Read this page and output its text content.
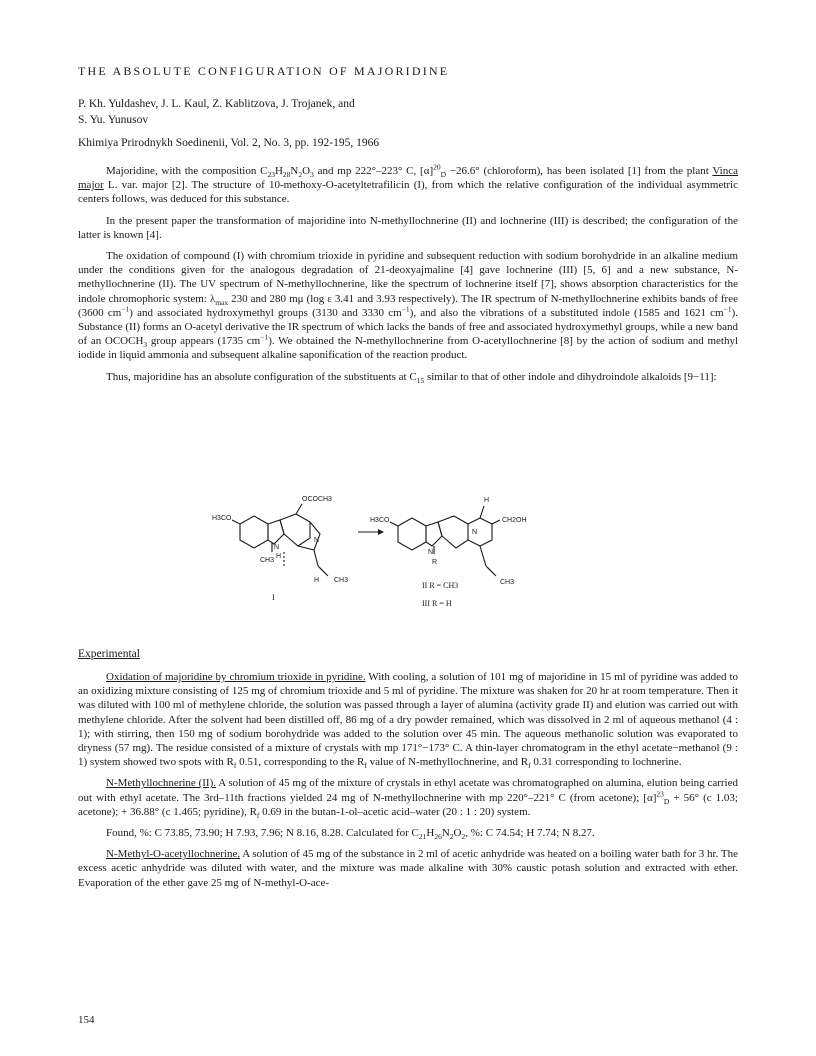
THE ABSOLUTE CONFIGURATION OF MAJORIDINE
P. Kh. Yuldashev, J. L. Kaul, Z. Kablitzova, J. Trojanek, and
S. Yu. Yunusov
Khimiya Prirodnykh Soedinenii, Vol. 2, No. 3, pp. 192-195, 1966

Majoridine, with the composition $C_{23}H_{28}N_2O_3$ and mp 222°–223° C, $[\alpha]^{20}_D -26.6^\circ$ (chloroform), has been isolated [1] from the plant Vinca major L. var. major [2]. The structure of 10-methoxy-O-acetyltetrafilicin (I), from which the relative configuration of the individual asymmetric centers follows, was deduced for this substance.

In the present paper the transformation of majoridine into N-methyllochnerine (II) and lochnerine (III) is described; the configuration of the latter is known [4].

The oxidation of compound (I) with chromium trioxide in pyridine and subsequent reduction with sodium borohydride in an alkaline medium under the conditions given for the analogous degradation of 21-deoxyajmaline [4] gave lochnerine (III) [5, 6] and a new substance, N-methyllochnerine (II). The UV spectrum of N-methyllochnerine, like the spectrum of lochnerine itself [7], shows absorption characteristics for the indole chromophoric system: $\lambda_{max}$ 230 and 280 mμ (log ε 3.41 and 3.93 respectively). The IR spectrum of N-methyllochnerine exhibits bands of free (3600 $cm^{-1}$) and associated hydroxymethyl groups (3130 and 3330 $cm^{-1}$), and also the vibrations of a substituted indole (1585 and 1621 $cm^{-1}$). Substance (II) forms an O-acetyl derivative the IR spectrum of which lacks the bands of free and associated hydroxymethyl groups, while a new band of an $OCOCH_3$ group appears (1735 $cm^{-1}$). We obtained the N-methyllochnerine from O-acetyllochnerine [8] by the action of sodium and methyl iodide in liquid ammonia and subsequent alkaline saponification of the reaction product.

Thus, majoridine has an absolute configuration of the substituents at $C_{15}$ similar to that of other indole and dihydroindole alkaloids [9−11]:

OCOCH3
H3CO
N
N
H
CH3
H CH3
I
H
H3CO	CH2OH
N
N
R
CH3
II R = CH3
III R = H
Experimental

Oxidation of majoridine by chromium trioxide in pyridine. With cooling, a solution of 101 mg of majoridine in 15 ml of pyridine was added to an oxidizing mixture consisting of 125 mg of chromium trioxide and 5 ml of pyridine. The mixture was shaken for 20 hr at room temperature. Then it was diluted with 100 ml of methylene chloride, the solution was passed through a layer of alumina (activity grade II) and elution was carried out with methylene chloride. After the solvent had been distilled off, 86 mg of a dry powder remained, which was dissolved in 2 ml of aqueous methanol (4 : 1); with stirring, then 150 mg of sodium borohydride was added to the solution over 45 min. The aqueous methanolic solution was evaporated to dryness (57 mg). The residue consisted of a mixture of crystals with mp 171°−173° C. A thin-layer chromatogram in the ethyl acetate−methanol (9 : 1) system showed two spots with $R_f$ 0.51, corresponding to the $R_f$ value of N-methyllochnerine, and $R_f$ 0.31 corresponding to lochnerine.

N-Methyllochnerine (II). A solution of 45 mg of the mixture of crystals in ethyl acetate was chromatographed on alumina, elution being carried out with ethyl acetate. The 3rd–11th fractions yielded 24 mg of N-methyllochnerine with mp 220°–221° C (from acetone); $[\alpha]^{23}_D + 56^\circ$ (c 1.03; acetone); + 36.88° (c 1.465; pyridine), $R_f$ 0.69 in the butan-1-ol–acetic acid–water (20 : 1 : 20) system.

Found, %: C 73.85, 73.90; H 7.93, 7.96; N 8.16, 8.28. Calculated for $C_{21}H_{26}N_2O_2$, %: C 74.54; H 7.74; N 8.27.

N-Methyl-O-acetyllochnerine. A solution of 45 mg of the substance in 2 ml of acetic anhydride was heated on a boiling water bath for 3 hr. The excess acetic anhydride was diluted with water, and the mixture was made alkaline with 30% caustic potash solution and extracted with ether. Evaporation of the ether gave 25 mg of N-methyl-O-ace-

154
